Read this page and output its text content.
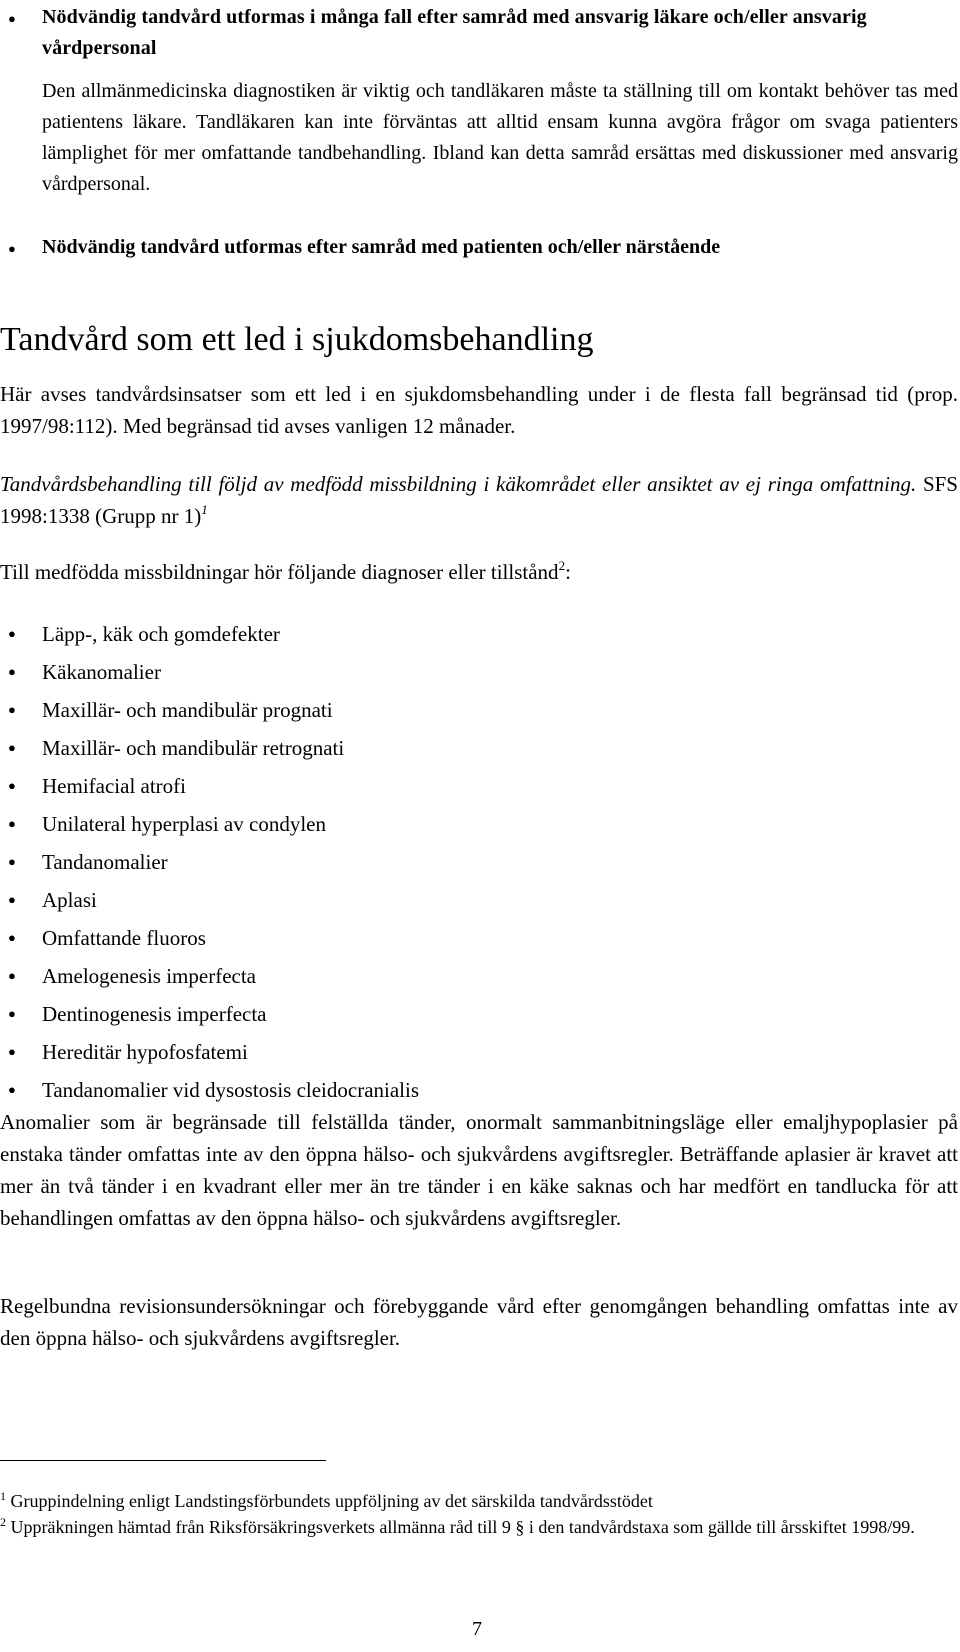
● Nödvändig tandvård utformas i många fall efter samråd med ansvarig läkare och/eller ansvarig vårdpersonal
Den allmänmedicinska diagnostiken är viktig och tandläkaren måste ta ställning till om kontakt behöver tas med patientens läkare. Tandläkaren kan inte förväntas att alltid ensam kunna avgöra frågor om svaga patienters lämplighet för mer omfattande tandbehandling. Ibland kan detta samråd ersättas med diskussioner med ansvarig vårdpersonal.
● Nödvändig tandvård utformas efter samråd med patienten och/eller närstående
Tandvård som ett led i sjukdomsbehandling
Här avses tandvårdsinsatser som ett led i en sjukdomsbehandling under i de flesta fall begränsad tid (prop. 1997/98:112). Med begränsad tid avses vanligen 12 månader.
Tandvårdsbehandling till följd av medfödd missbildning i käkområdet eller ansiktet av ej ringa omfattning. SFS 1998:1338 (Grupp nr 1)$^1$
Till medfödda missbildningar hör följande diagnoser eller tillstånd$^2$:
● Läpp-, käk och gomdefekter
● Käkanomalier
● Maxillär- och mandibulär prognati
● Maxillär- och mandibulär retrognati
● Hemifacial atrofi
● Unilateral hyperplasi av condylen
● Tandanomalier
● Aplasi
● Omfattande fluoros
● Amelogenesis imperfecta
● Dentinogenesis imperfecta
● Hereditär hypofosfatemi
● Tandanomalier vid dysostosis cleidocranialis
Anomalier som är begränsade till felställda tänder, onormalt sammanbitningsläge eller emaljhypoplasier på enstaka tänder omfattas inte av den öppna hälso- och sjukvårdens avgiftsregler. Beträffande aplasier är kravet att mer än två tänder i en kvadrant eller mer än tre tänder i en käke saknas och har medfört en tandlucka för att behandlingen omfattas av den öppna hälso- och sjukvårdens avgiftsregler.
Regelbundna revisionsundersökningar och förebyggande vård efter genomgången behandling omfattas inte av den öppna hälso- och sjukvårdens avgiftsregler.
$^1$ Gruppindelning enligt Landstingsförbundets uppföljning av det särskilda tandvårdsstödet
$^2$ Uppräkningen hämtad från Riksförsäkringsverkets allmänna råd till 9 § i den tandvårdstaxa som gällde till årsskiftet 1998/99.
7
